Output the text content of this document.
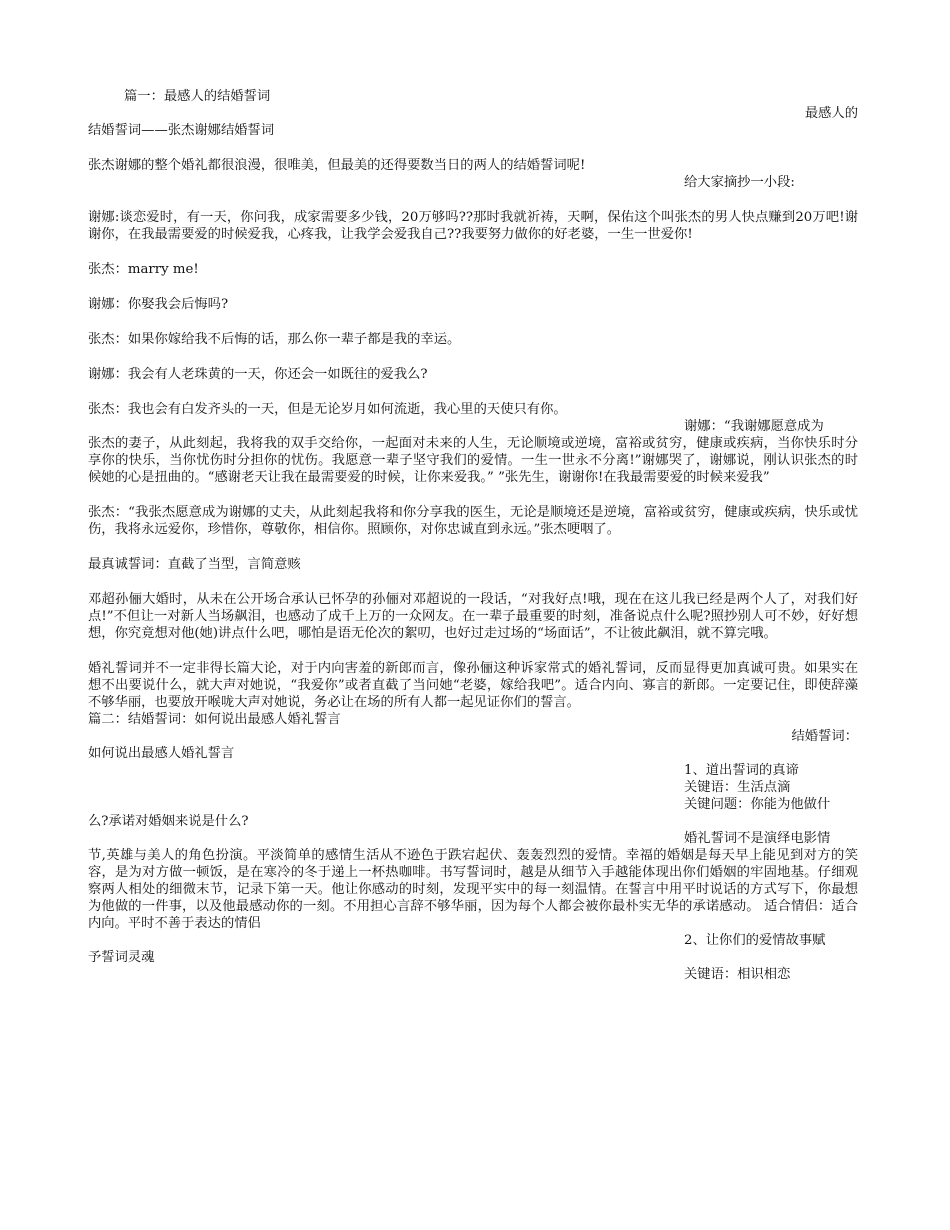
篇一：最感人的结婚誓词

最感人的

结婚誓词——张杰谢娜结婚誓词

张杰谢娜的整个婚礼都很浪漫，很唯美，但最美的还得要数当日的两人的结婚誓词呢!

给大家摘抄一小段:

谢娜:谈恋爱时，有一天，你问我，成家需要多少钱，20万够吗??那时我就祈祷，天啊，保佑这个叫张杰的男人快点赚到20万吧!谢谢你，在我最需要爱的时候爱我，心疼我，让我学会爱我自己??我要努力做你的好老婆，一生一世爱你!

张杰：marry me!

谢娜：你娶我会后悔吗?

张杰：如果你嫁给我不后悔的话，那么你一辈子都是我的幸运。

谢娜：我会有人老珠黄的一天，你还会一如既往的爱我么?

张杰：我也会有白发齐头的一天，但是无论岁月如何流逝，我心里的天使只有你。

谢娜：“我谢娜愿意成为

张杰的妻子，从此刻起，我将我的双手交给你，一起面对未来的人生，无论顺境或逆境，富裕或贫穷，健康或疾病，当你快乐时分享你的快乐，当你忧伤时分担你的忧伤。我愿意一辈子坚守我们的爱情。一生一世永不分离!”谢娜哭了，谢娜说，刚认识张杰的时候她的心是扭曲的。“感谢老天让我在最需要爱的时候，让你来爱我。” ”张先生，谢谢你!在我最需要爱的时候来爱我”

张杰：“我张杰愿意成为谢娜的丈夫，从此刻起我将和你分享我的医生，无论是顺境还是逆境，富裕或贫穷，健康或疾病，快乐或忧伤，我将永远爱你，珍惜你，尊敬你，相信你。照顾你，对你忠诚直到永远。”张杰哽咽了。

最真诚誓词：直截了当型，言简意赅

邓超孙俪大婚时，从未在公开场合承认已怀孕的孙俪对邓超说的一段话，“对我好点!哦，现在在这儿我已经是两个人了，对我们好点!”不但让一对新人当场飙泪，也感动了成千上万的一众网友。在一辈子最重要的时刻，准备说点什么呢?照抄别人可不妙，好好想想，你究竟想对他(她)讲点什么吧，哪怕是语无伦次的絮叨，也好过走过场的“场面话”，不让彼此飙泪，就不算完哦。

婚礼誓词并不一定非得长篇大论，对于内向害羞的新郎而言，像孙俪这种诉家常式的婚礼誓词，反而显得更加真诚可贵。如果实在想不出要说什么，就大声对她说，“我爱你”或者直截了当问她“老婆，嫁给我吧”。适合内向、寡言的新郎。一定要记住，即使辞藻不够华丽，也要放开喉咙大声对她说，务必让在场的所有人都一起见证你们的誓言。

篇二：结婚誓词：如何说出最感人婚礼誓言

结婚誓词：

如何说出最感人婚礼誓言

1、道出誓词的真谛

关键语：生活点滴

关键问题：你能为他做什

么?承诺对婚姻来说是什么?

婚礼誓词不是演绎电影情

节,英雄与美人的角色扮演。平淡简单的感情生活从不逊色于跌宕起伏、轰轰烈烈的爱情。幸福的婚姻是每天早上能见到对方的笑容，是为对方做一顿饭，是在寒冷的冬于递上一杯热咖啡。书写誓词时，越是从细节入手越能体现出你们婚姻的牢固地基。仔细观察两人相处的细微末节，记录下第一天。他让你感动的时刻，发现平实中的每一刻温情。在誓言中用平时说话的方式写下，你最想为他做的一件事，以及他最感动你的一刻。不用担心言辞不够华丽，因为每个人都会被你最朴实无华的承诺感动。 适合情侣：适合内向。平时不善于表达的情侣

2、让你们的爱情故事赋

予誓词灵魂

关键语：相识相恋
